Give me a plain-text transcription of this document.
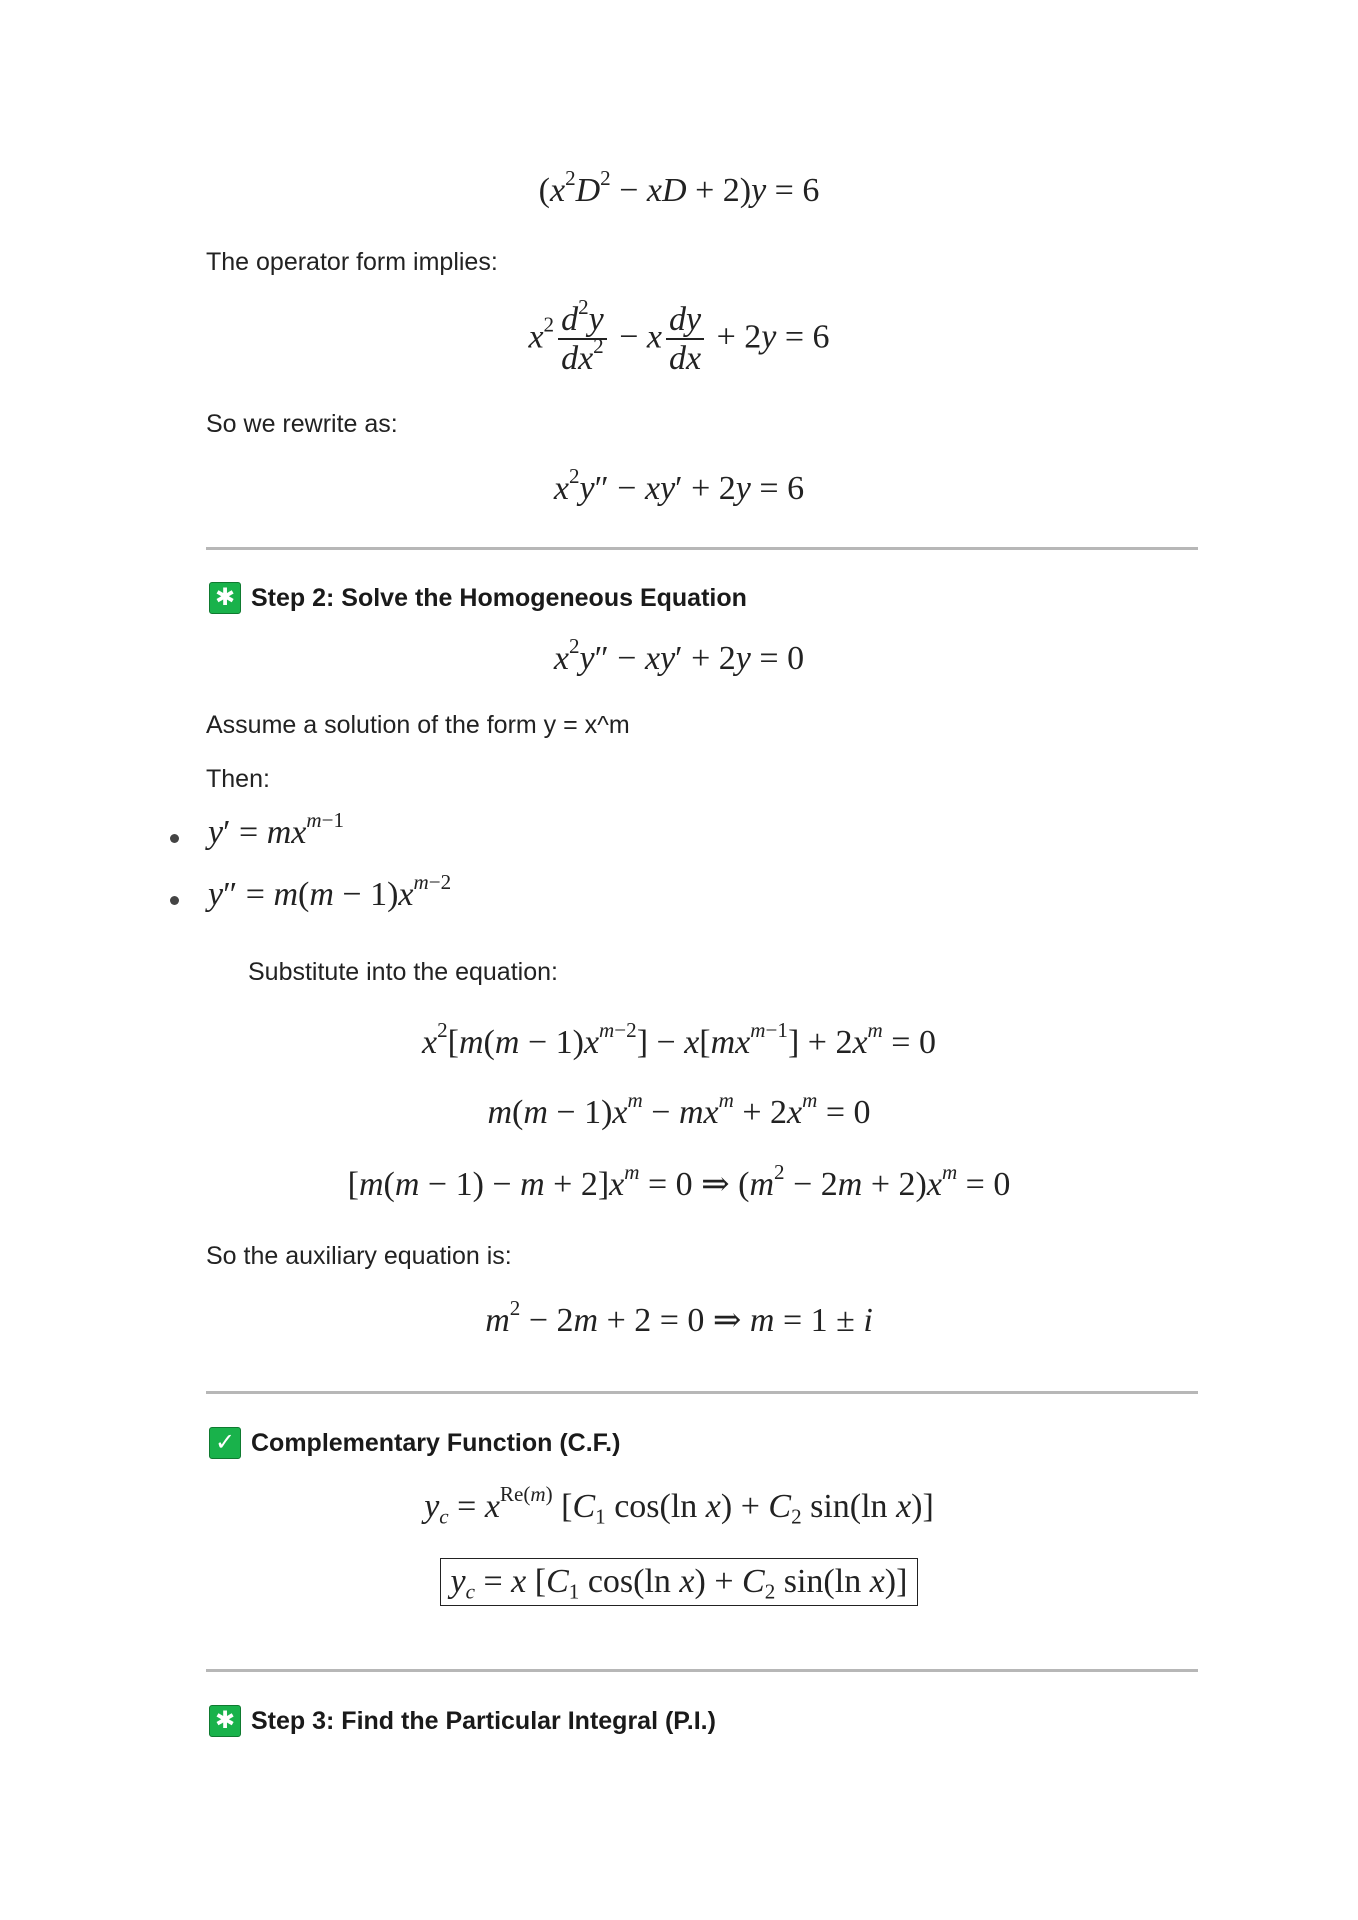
($x^2D^2$ − xD + 2)y = 6
The operator form implies:
$x^2 \frac{d^2y}{dx^2} - x \frac{dy}{dx} + 2y = 6$
So we rewrite as:
$x^2y'' - xy' + 2y = 6$
✱ Step 2: Solve the Homogeneous Equation
$x^2y'' - xy' + 2y = 0$
Assume a solution of the form y = x^m
Then:
$y' = mx^{m-1}$
$y'' = m(m - 1)x^{m-2}$
Substitute into the equation:
$x^2[m(m - 1)x^{m-2}] - x[mx^{m-1}] + 2x^m = 0$
$m(m - 1)x^m - mx^m + 2x^m = 0$
$[m(m - 1) - m + 2]x^m = 0$ ⇒ $(m^2 - 2m + 2)x^m = 0$
So the auxiliary equation is:
$m^2 - 2m + 2 = 0$ ⇒ m = 1 ± i
✓ Complementary Function (C.F.)
$y_c = x^{Re(m)}$ [$C_1$ cos(ln $x) + C_2$ sin(ln x)]
$y_c = x$ [$C_1$ cos(ln $x) + C_2$ sin(ln x)]
✱ Step 3: Find the Particular Integral (P.I.)
